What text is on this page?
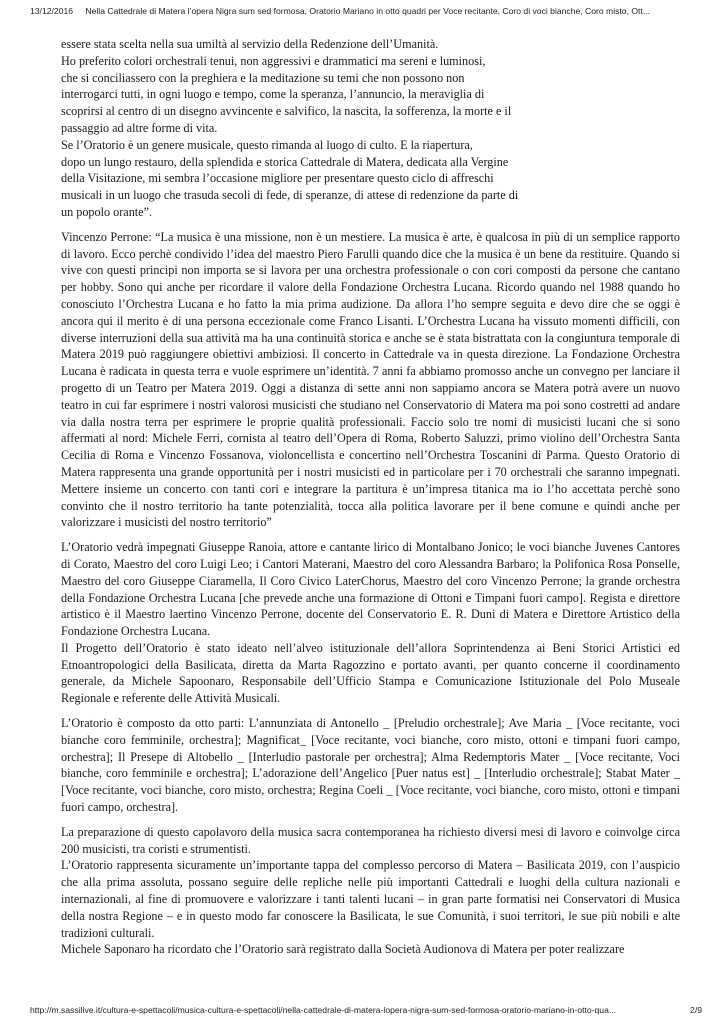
13/12/2016 Nella Cattedrale di Matera l’opera Nigra sum sed formosa, Oratorio Mariano in otto quadri per Voce recitante, Coro di voci bianche, Coro misto, Ott...

essere stata scelta nella sua umiltà al servizio della Redenzione dell’Umanità.

Ho preferito colori orchestrali tenui, non aggressivi e drammatici ma sereni e luminosi,

che si conciliassero con la preghiera e la meditazione su temi che non possono non

interrogarci tutti, in ogni luogo e tempo, come la speranza, l’annuncio, la meraviglia di

scoprirsi al centro di un disegno avvincente e salvifico, la nascita, la sofferenza, la morte e il

passaggio ad altre forme di vita.

Se l’Oratorio è un genere musicale, questo rimanda al luogo di culto. E la riapertura,

dopo un lungo restauro, della splendida e storica Cattedrale di Matera, dedicata alla Vergine

della Visitazione, mi sembra l’occasione migliore per presentare questo ciclo di affreschi

musicali in un luogo che trasuda secoli di fede, di speranze, di attese di redenzione da parte di

un popolo orante”.

Vincenzo Perrone: “La musica è una missione, non è un mestiere. La musica è arte, è qualcosa in più di un semplice rapporto di lavoro. Ecco perchè condivido l’idea del maestro Piero Farulli quando dice che la musica è un bene da restituire. Quando si vive con questi principi non importa se si lavora per una orchestra professionale o con cori composti da persone che cantano per hobby. Sono qui anche per ricordare il valore della Fondazione Orchestra Lucana. Ricordo quando nel 1988 quando ho conosciuto l’Orchestra Lucana e ho fatto la mia prima audizione. Da allora l’ho sempre seguita e devo dire che se oggi è ancora qui il merito è di una persona eccezionale come Franco Lisanti. L’Orchestra Lucana ha vissuto momenti difficili, con diverse interruzioni della sua attività ma ha una continuità storica e anche se è stata bistrattata con la congiuntura temporale di Matera 2019 può raggiungere obiettivi ambiziosi. Il concerto in Cattedrale va in questa direzione. La Fondazione Orchestra Lucana è radicata in questa terra e vuole esprimere un’identità. 7 anni fa abbiamo promosso anche un convegno per lanciare il progetto di un Teatro per Matera 2019. Oggi a distanza di sette anni non sappiamo ancora se Matera potrà avere un nuovo teatro in cui far esprimere i nostri valorosi musicisti che studiano nel Conservatorio di Matera ma poi sono costretti ad andare via dalla nostra terra per esprimere le proprie qualità professionali. Faccio solo tre nomi di musicisti lucani che si sono affermati al nord: Michele Ferri, cornista al teatro dell’Opera di Roma, Roberto Saluzzi, primo violino dell’Orchestra Santa Cecilia di Roma e Vincenzo Fossanova, violoncellista e concertino nell’Orchestra Toscanini di Parma. Questo Oratorio di Matera rappresenta una grande opportunità per i nostri musicisti ed in particolare per i 70 orchestrali che saranno impegnati. Mettere insieme un concerto con tanti cori e integrare la partitura è un’impresa titanica ma io l’ho accettata perchè sono convinto che il nostro territorio ha tante potenzialità, tocca alla politica lavorare per il bene comune e quindi anche per valorizzare i musicisti del nostro territorio”

L’Oratorio vedrà impegnati Giuseppe Ranoia, attore e cantante lirico di Montalbano Jonico; le voci bianche Juvenes Cantores di Corato, Maestro del coro Luigi Leo; i Cantori Materani, Maestro del coro Alessandra Barbaro; la Polifonica Rosa Ponselle, Maestro del coro Giuseppe Ciaramella, Il Coro Civico LaterChorus, Maestro del coro Vincenzo Perrone; la grande orchestra della Fondazione Orchestra Lucana [che prevede anche una formazione di Ottoni e Timpani fuori campo]. Regista e direttore artistico è il Maestro laertino Vincenzo Perrone, docente del Conservatorio E. R. Duni di Matera e Direttore Artistico della Fondazione Orchestra Lucana.

Il Progetto dell’Oratorio è stato ideato nell’alveo istituzionale dell’allora Soprintendenza ai Beni Storici Artistici ed Etnoantropologici della Basilicata, diretta da Marta Ragozzino e portato avanti, per quanto concerne il coordinamento generale, da Michele Sapoonaro, Responsabile dell’Ufficio Stampa e Comunicazione Istituzionale del Polo Museale Regionale e referente delle Attività Musicali.

L’Oratorio è composto da otto parti: L’annunziata di Antonello _ [Preludio orchestrale]; Ave Maria _ [Voce recitante, voci bianche coro femminile, orchestra]; Magnificat_ [Voce recitante, voci bianche, coro misto, ottoni e timpani fuori campo, orchestra]; Il Presepe di Altobello _ [Interludio pastorale per orchestra]; Alma Redemptoris Mater _ [Voce recitante, Voci bianche, coro femminile e orchestra]; L’adorazione dell’Angelico [Puer natus est] _ [Interludio orchestrale]; Stabat Mater _ [Voce recitante, voci bianche, coro misto, orchestra; Regina Coeli _ [Voce recitante, voci bianche, coro misto, ottoni e timpani fuori campo, orchestra].

La preparazione di questo capolavoro della musica sacra contemporanea ha richiesto diversi mesi di lavoro e coinvolge circa 200 musicisti, tra coristi e strumentisti.

L’Oratorio rappresenta sicuramente un’importante tappa del complesso percorso di Matera – Basilicata 2019, con l’auspicio che alla prima assoluta, possano seguire delle repliche nelle più importanti Cattedrali e luoghi della cultura nazionali e internazionali, al fine di promuovere e valorizzare i tanti talenti lucani – in gran parte formatisi nei Conservatori di Musica della nostra Regione – e in questo modo far conoscere la Basilicata, le sue Comunità, i suoi territori, le sue più nobili e alte tradizioni culturali.

Michele Saponaro ha ricordato che l’Oratorio sarà registrato dalla Società Audionova di Matera per poter realizzare

http://m.sassilive.it/cultura-e-spettacoli/musica-cultura-e-spettacoli/nella-cattedrale-di-matera-lopera-nigra-sum-sed-formosa-oratorio-mariano-in-otto-qua...	2/9
